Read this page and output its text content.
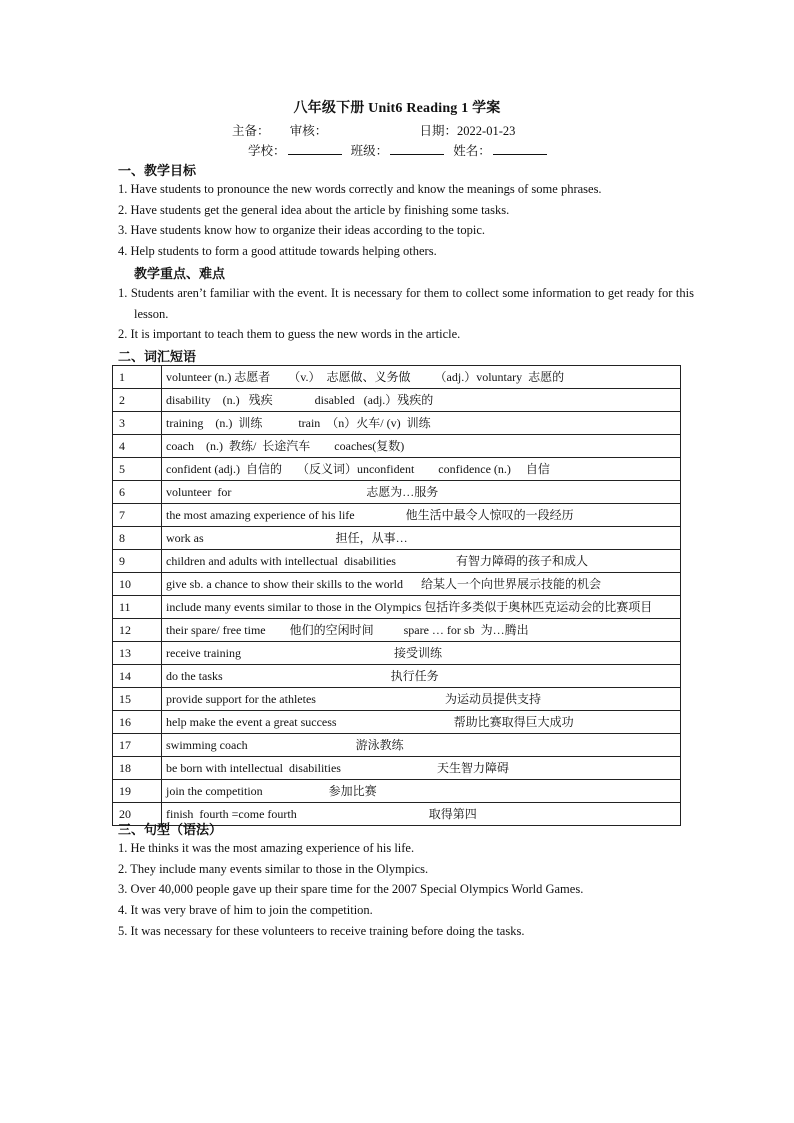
八年级下册 Unit6 Reading 1 学案
主备： 审核：	日期：2022-01-23
学校：	班级：	姓名：
一、教学目标
1. Have students to pronounce the new words correctly and know the meanings of some phrases.
2. Have students get the general idea about the article by finishing some tasks.
3. Have students know how to organize their ideas according to the topic.
4. Help students to form a good attitude towards helping others.
教学重点、难点
1. Students aren’t familiar with the event. It is necessary for them to collect some information to get ready for this lesson.
2. It is important to teach them to guess the new words in the article.
二、词汇短语
1	volunteer (n.) 志愿者      （v.）  志愿做、义务做        （adj.）voluntary  志愿的
2	disability    (n.)   残疾              disabled   (adj.）残疾的
3	training    (n.)  训练            train  （n）火车/ (v)  训练
4	coach    (n.)  教练/  长途汽车        coaches(复数)
5	confident (adj.)  自信的     （反义词）unconfident        confidence (n.)     自信
6	volunteer  for                                             志愿为…服务
7	the most amazing experience of his life                 他生活中最令人惊叹的一段经历
8	work as                                            担任，从事…
9	children and adults with intellectual  disabilities                    有智力障碍的孩子和成人
10	give sb. a chance to show their skills to the world      给某人一个向世界展示技能的机会
11	include many events similar to those in the Olympics 包括许多类似于奥林匹克运动会的比赛项目
12	their spare/ free time        他们的空闲时间          spare … for sb  为…腾出
13	receive training                                                   接受训练
14	do the tasks                                                        执行任务
15	provide support for the athletes                                           为运动员提供支持
16	help make the event a great success                                       帮助比赛取得巨大成功
17	swimming coach                                    游泳教练
18	be born with intellectual  disabilities                                天生智力障碍
19	join the competition                      参加比赛
20	finish  fourth =come fourth                                            取得第四
三、句型（语法）
1. He thinks it was the most amazing experience of his life.
2. They include many events similar to those in the Olympics.
3. Over 40,000 people gave up their spare time for the 2007 Special Olympics World Games.
4. It was very brave of him to join the competition.
5. It was necessary for these volunteers to receive training before doing the tasks.
